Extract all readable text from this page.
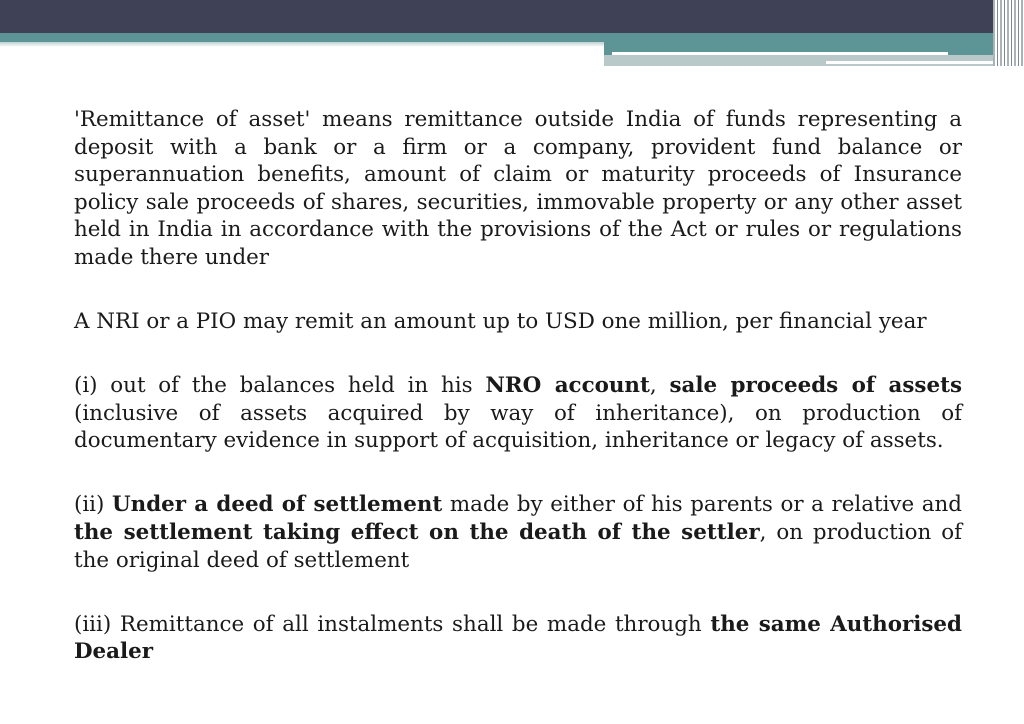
'Remittance of asset' means remittance outside India of funds representing a deposit with a bank or a firm or a company, provident fund balance or superannuation benefits, amount of claim or maturity proceeds of Insurance policy sale proceeds of shares, securities, immovable property or any other asset held in India in accordance with the provisions of the Act or rules or regulations made there under

A NRI or a PIO may remit an amount up to USD one million, per financial year

(i) out of the balances held in his NRO account, sale proceeds of assets (inclusive of assets acquired by way of inheritance), on production of documentary evidence in support of acquisition, inheritance or legacy of assets.

(ii) Under a deed of settlement made by either of his parents or a relative and the settlement taking effect on the death of the settler, on production of the original deed of settlement

(iii) Remittance of all instalments shall be made through the same Authorised Dealer
